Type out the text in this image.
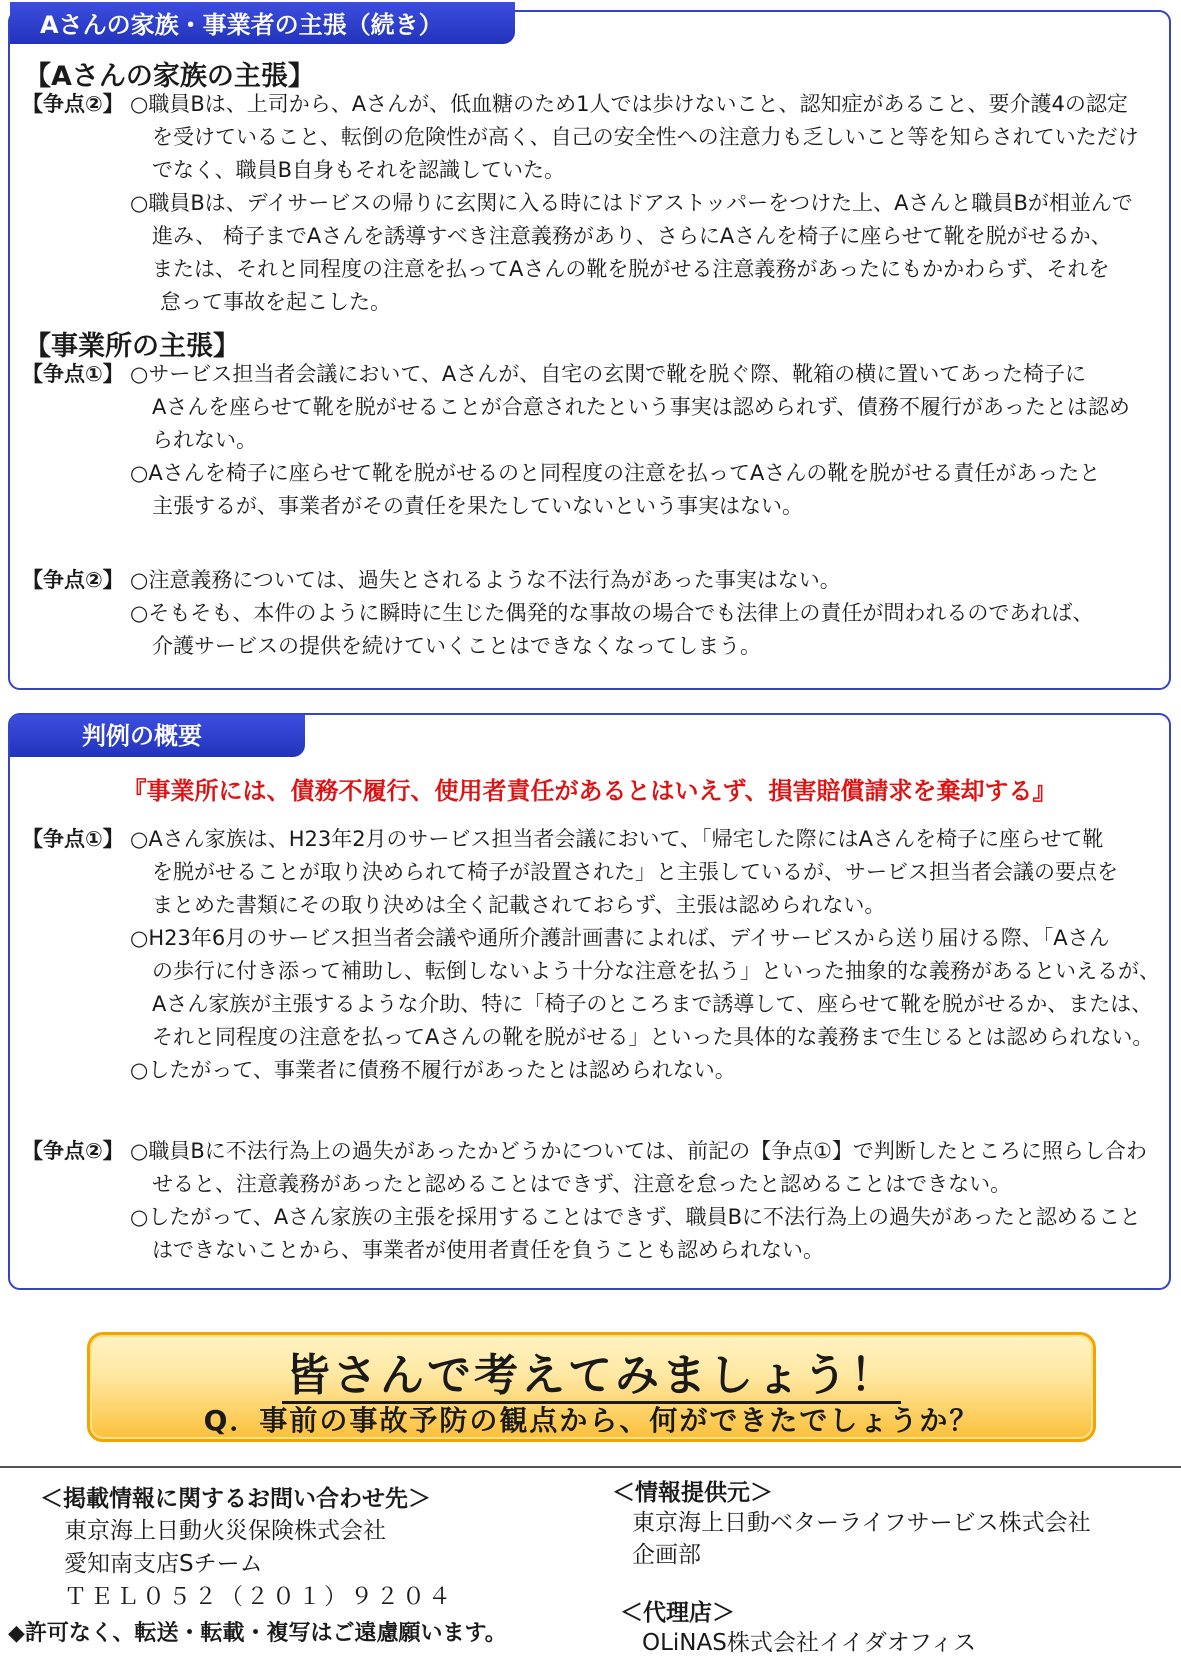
Aさんの家族・事業者の主張（続き）
【Aさんの家族の主張】
【争点②】 ○職員Bは、上司から、Aさんが、低血糖のため1人では歩けないこと、認知症があること、要介護4の認定
を受けていること、転倒の危険性が高く、自己の安全性への注意力も乏しいこと等を知らされていただけ
でなく、職員B自身もそれを認識していた。
○職員Bは、デイサービスの帰りに玄関に入る時にはドアストッパーをつけた上、Aさんと職員Bが相並んで
進み、 椅子までAさんを誘導すべき注意義務があり、さらにAさんを椅子に座らせて靴を脱がせるか、
または、それと同程度の注意を払ってAさんの靴を脱がせる注意義務があったにもかかわらず、それを
怠って事故を起こした。
【事業所の主張】
【争点①】 ○サービス担当者会議において、Aさんが、自宅の玄関で靴を脱ぐ際、靴箱の横に置いてあった椅子に
Aさんを座らせて靴を脱がせることが合意されたという事実は認められず、債務不履行があったとは認め
られない。
○Aさんを椅子に座らせて靴を脱がせるのと同程度の注意を払ってAさんの靴を脱がせる責任があったと
主張するが、事業者がその責任を果たしていないという事実はない。
【争点②】 ○注意義務については、過失とされるような不法行為があった事実はない。
○そもそも、本件のように瞬時に生じた偶発的な事故の場合でも法律上の責任が問われるのであれば、
介護サービスの提供を続けていくことはできなくなってしまう。
判例の概要
『事業所には、債務不履行、使用者責任があるとはいえず、損害賠償請求を棄却する』
【争点①】 ○Aさん家族は、H23年2月のサービス担当者会議において、「帰宅した際にはAさんを椅子に座らせて靴
を脱がせることが取り決められて椅子が設置された」と主張しているが、サービス担当者会議の要点を
まとめた書類にその取り決めは全く記載されておらず、主張は認められない。
○H23年6月のサービス担当者会議や通所介護計画書によれば、デイサービスから送り届ける際、「Aさん
の歩行に付き添って補助し、転倒しないよう十分な注意を払う」といった抽象的な義務があるといえるが、
Aさん家族が主張するような介助、特に「椅子のところまで誘導して、座らせて靴を脱がせるか、または、
それと同程度の注意を払ってAさんの靴を脱がせる」といった具体的な義務まで生じるとは認められない。
○したがって、事業者に債務不履行があったとは認められない。
【争点②】 ○職員Bに不法行為上の過失があったかどうかについては、前記の【争点①】で判断したところに照らし合わ
せると、注意義務があったと認めることはできず、注意を怠ったと認めることはできない。
○したがって、Aさん家族の主張を採用することはできず、職員Bに不法行為上の過失があったと認めること
はできないことから、事業者が使用者責任を負うことも認められない。
皆さんで考えてみましょう！
Q．事前の事故予防の観点から、何ができたでしょうか？
＜掲載情報に関するお問い合わせ先＞
東京海上日動火災保険株式会社
愛知南支店Sチーム
ＴＥＬ０５２（２０１）９２０４
◆許可なく、転送・転載・複写はご遠慮願います。
＜情報提供元＞
東京海上日動ベターライフサービス株式会社
企画部
＜代理店＞
OLiNAS株式会社イイダオフィス
